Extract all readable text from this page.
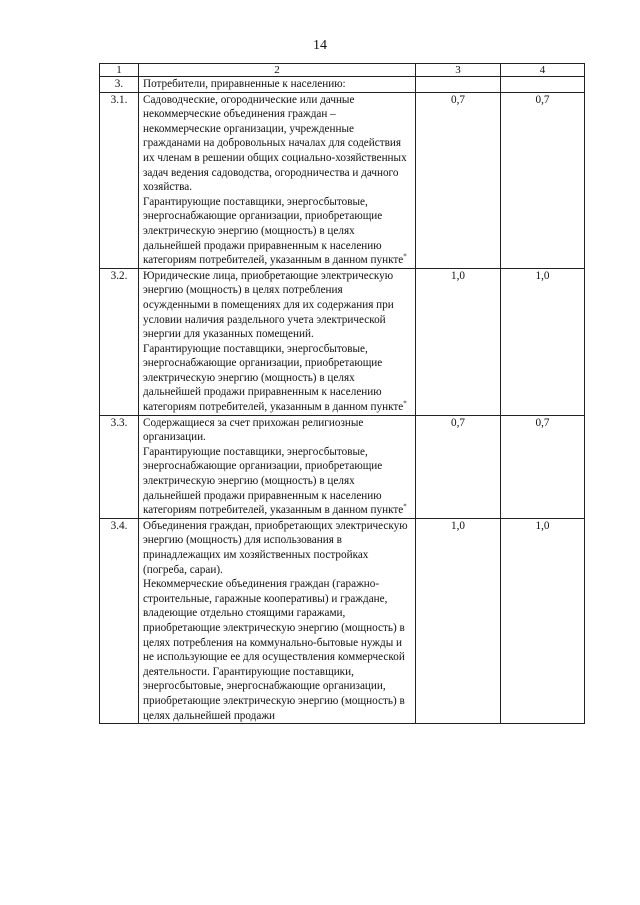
14
1	2	3	4
3.	Потребители, приравненные к населению:		
3.1.	Садоводческие, огороднические или дачные некоммерческие объединения граждан – некоммерческие организации, учрежденные гражданами на добровольных началах для содействия их членам в решении общих социально-хозяйственных задач ведения садоводства, огородничества и дачного хозяйства.

Гарантирующие поставщики, энергосбытовые, энергоснабжающие организации, приобретающие электрическую энергию (мощность) в целях дальнейшей продажи приравненным к населению категориям потребителей, указанным в данном пункте*	0,7	0,7
3.2.	Юридические лица, приобретающие электрическую энергию (мощность) в целях потребления осужденными в помещениях для их содержания при условии наличия раздельного учета электрической энергии для указанных помещений.

Гарантирующие поставщики, энергосбытовые, энергоснабжающие организации, приобретающие электрическую энергию (мощность) в целях дальнейшей продажи приравненным к населению категориям потребителей, указанным в данном пункте*	1,0	1,0
3.3.	Содержащиеся за счет прихожан религиозные организации.

Гарантирующие поставщики, энергосбытовые, энергоснабжающие организации, приобретающие электрическую энергию (мощность) в целях дальнейшей продажи приравненным к населению категориям потребителей, указанным в данном пункте*	0,7	0,7
3.4.	Объединения граждан, приобретающих электрическую энергию (мощность) для использования в принадлежащих им хозяйственных постройках (погреба, сараи).

Некоммерческие объединения граждан (гаражно-строительные, гаражные кооперативы) и граждане, владеющие отдельно стоящими гаражами, приобретающие электрическую энергию (мощность) в целях потребления на коммунально-бытовые нужды и не использующие ее для осуществления коммерческой деятельности. Гарантирующие поставщики, энергосбытовые, энергоснабжающие организации, приобретающие электрическую энергию (мощность) в целях дальнейшей продажи	1,0	1,0
